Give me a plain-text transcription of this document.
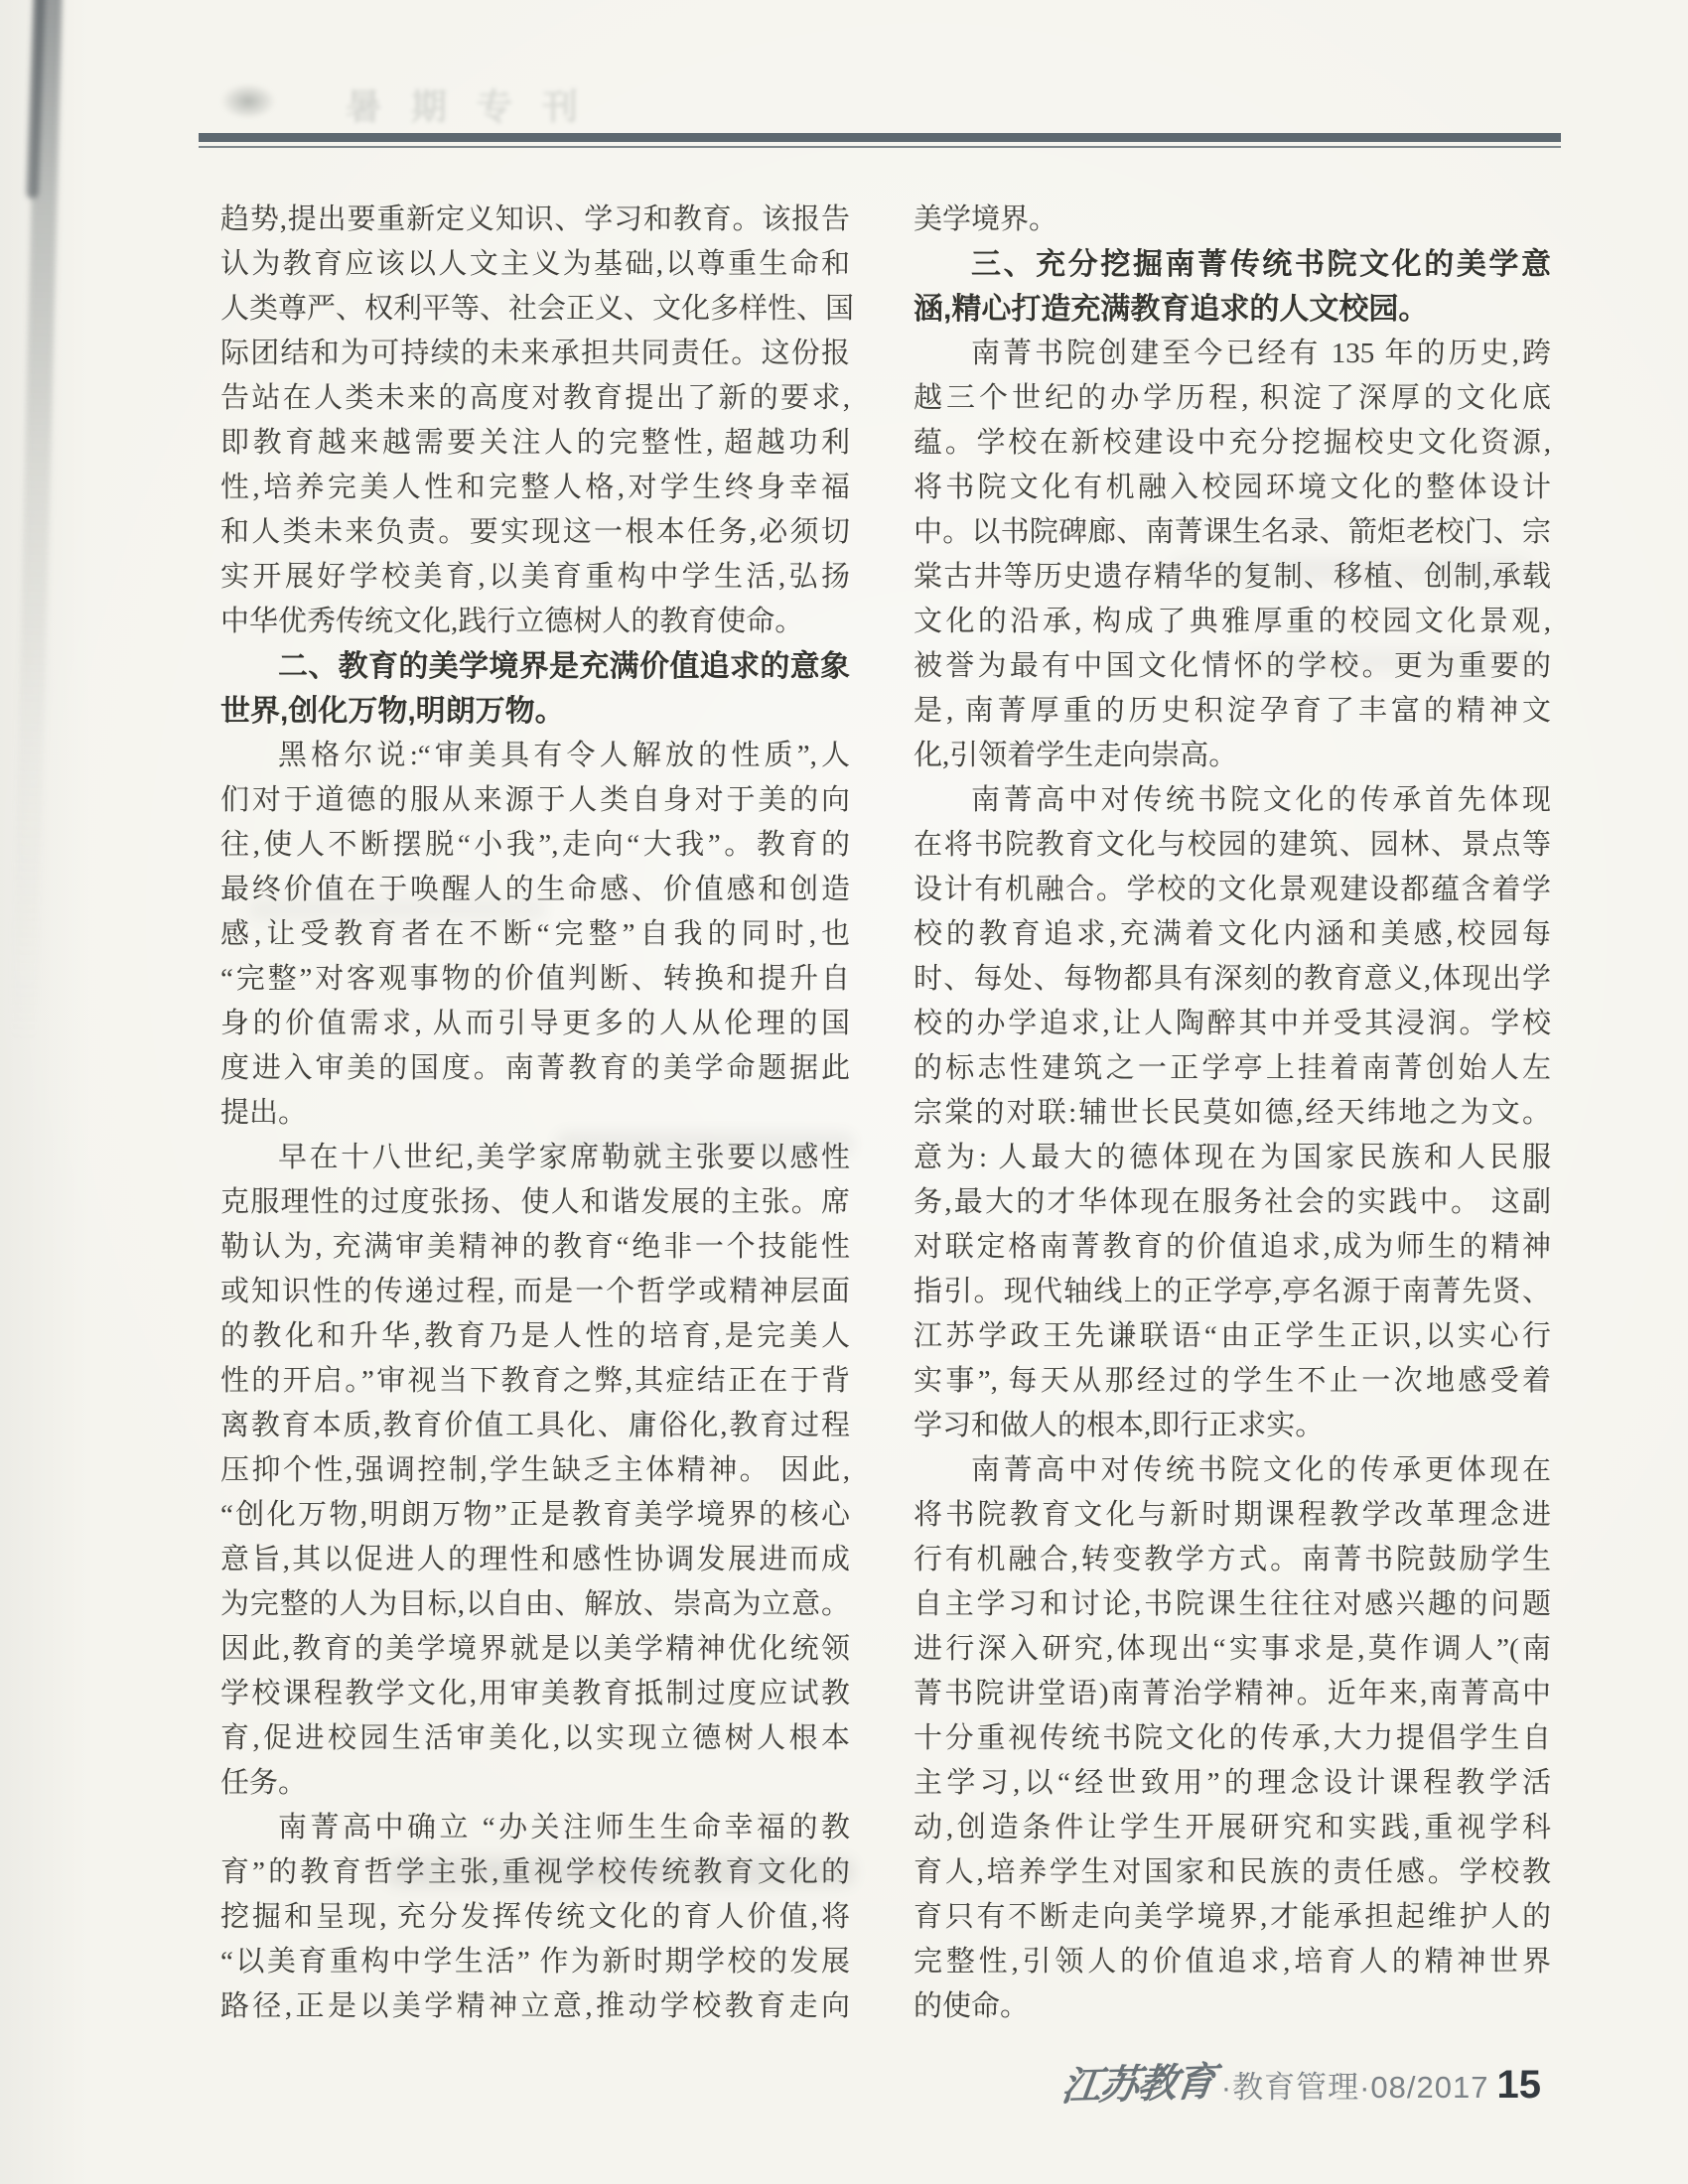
暑期专刊
趋势,提出要重新定义知识、学习和教育。该报告
认为教育应该以人文主义为基础,以尊重生命和
人类尊严、权利平等、社会正义、文化多样性、国
际团结和为可持续的未来承担共同责任。这份报
告站在人类未来的高度对教育提出了新的要求,
即教育越来越需要关注人的完整性, 超越功利
性,培养完美人性和完整人格,对学生终身幸福
和人类未来负责。要实现这一根本任务,必须切
实开展好学校美育,以美育重构中学生活,弘扬
中华优秀传统文化,践行立德树人的教育使命。
二、教育的美学境界是充满价值追求的意象
世界,创化万物,明朗万物。
黑格尔说:“审美具有令人解放的性质”,人
们对于道德的服从来源于人类自身对于美的向
往,使人不断摆脱“小我”,走向“大我”。教育的
最终价值在于唤醒人的生命感、价值感和创造
感,让受教育者在不断“完整”自我的同时,也
“完整”对客观事物的价值判断、转换和提升自
身的价值需求, 从而引导更多的人从伦理的国
度进入审美的国度。南菁教育的美学命题据此
提出。
早在十八世纪,美学家席勒就主张要以感性
克服理性的过度张扬、使人和谐发展的主张。席
勒认为, 充满审美精神的教育“绝非一个技能性
或知识性的传递过程, 而是一个哲学或精神层面
的教化和升华,教育乃是人性的培育,是完美人
性的开启。”审视当下教育之弊,其症结正在于背
离教育本质,教育价值工具化、庸俗化,教育过程
压抑个性,强调控制,学生缺乏主体精神。 因此,
“创化万物,明朗万物”正是教育美学境界的核心
意旨,其以促进人的理性和感性协调发展进而成
为完整的人为目标,以自由、解放、崇高为立意。
因此,教育的美学境界就是以美学精神优化统领
学校课程教学文化,用审美教育抵制过度应试教
育,促进校园生活审美化,以实现立德树人根本
任务。
南菁高中确立 “办关注师生生命幸福的教
育”的教育哲学主张,重视学校传统教育文化的
挖掘和呈现, 充分发挥传统文化的育人价值,将
“以美育重构中学生活” 作为新时期学校的发展
路径,正是以美学精神立意,推动学校教育走向
美学境界。
三、充分挖掘南菁传统书院文化的美学意
涵,精心打造充满教育追求的人文校园。
南菁书院创建至今已经有 135 年的历史,跨
越三个世纪的办学历程, 积淀了深厚的文化底
蕴。学校在新校建设中充分挖掘校史文化资源,
将书院文化有机融入校园环境文化的整体设计
中。以书院碑廊、南菁课生名录、箭炬老校门、宗
棠古井等历史遗存精华的复制、移植、创制,承载
文化的沿承, 构成了典雅厚重的校园文化景观,
被誉为最有中国文化情怀的学校。更为重要的
是, 南菁厚重的历史积淀孕育了丰富的精神文
化,引领着学生走向崇高。
南菁高中对传统书院文化的传承首先体现
在将书院教育文化与校园的建筑、园林、景点等
设计有机融合。学校的文化景观建设都蕴含着学
校的教育追求,充满着文化内涵和美感,校园每
时、每处、每物都具有深刻的教育意义,体现出学
校的办学追求,让人陶醉其中并受其浸润。学校
的标志性建筑之一正学亭上挂着南菁创始人左
宗棠的对联:辅世长民莫如德,经天纬地之为文。
意为: 人最大的德体现在为国家民族和人民服
务,最大的才华体现在服务社会的实践中。 这副
对联定格南菁教育的价值追求,成为师生的精神
指引。现代轴线上的正学亭,亭名源于南菁先贤、
江苏学政王先谦联语“由正学生正识,以实心行
实事”, 每天从那经过的学生不止一次地感受着
学习和做人的根本,即行正求实。
南菁高中对传统书院文化的传承更体现在
将书院教育文化与新时期课程教学改革理念进
行有机融合,转变教学方式。南菁书院鼓励学生
自主学习和讨论,书院课生往往对感兴趣的问题
进行深入研究,体现出“实事求是,莫作调人”(南
菁书院讲堂语)南菁治学精神。近年来,南菁高中
十分重视传统书院文化的传承,大力提倡学生自
主学习,以“经世致用”的理念设计课程教学活
动,创造条件让学生开展研究和实践,重视学科
育人,培养学生对国家和民族的责任感。学校教
育只有不断走向美学境界,才能承担起维护人的
完整性,引领人的价值追求,培育人的精神世界
的使命。
江苏教育 ·教育管理·08/2017 15
